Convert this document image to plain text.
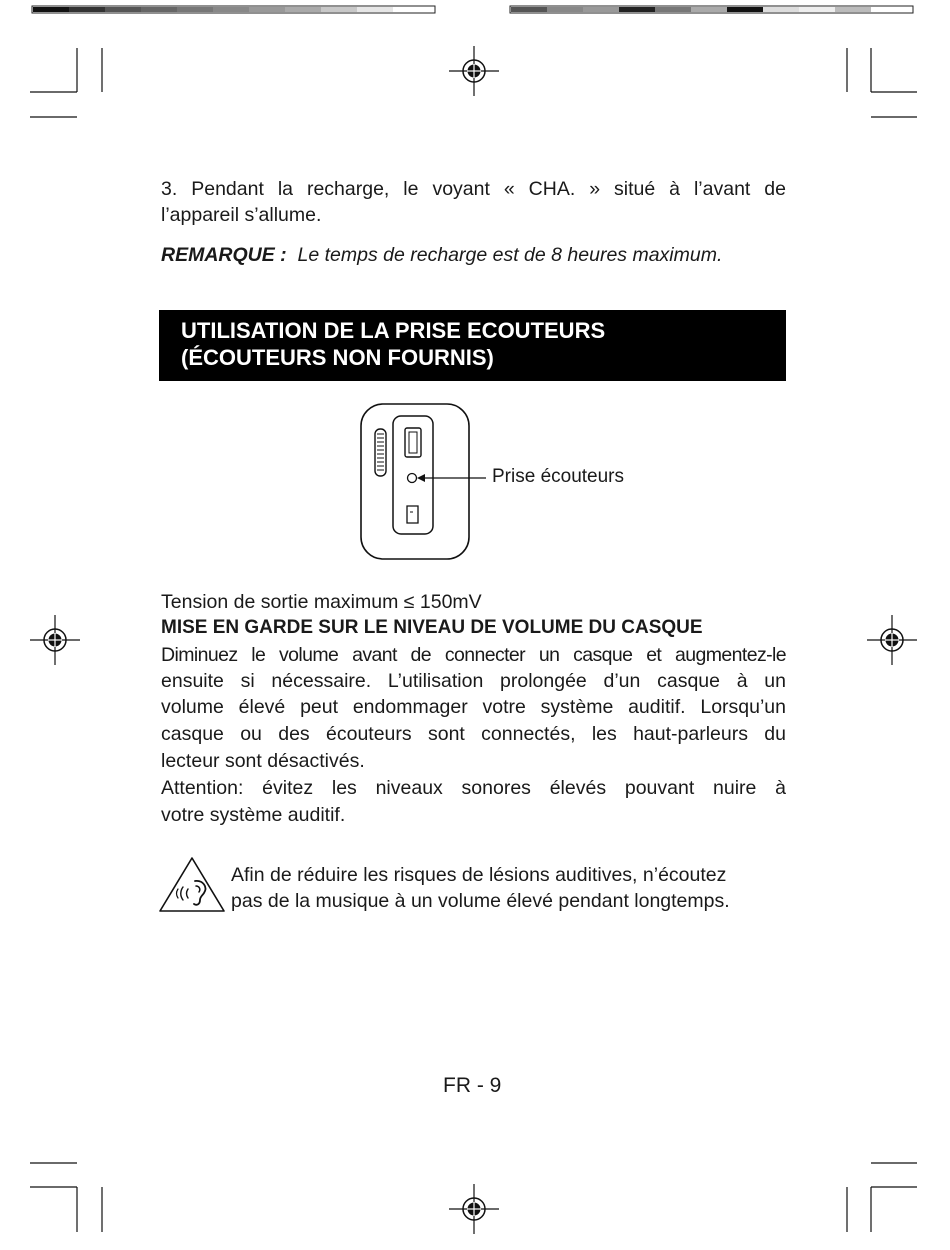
3. Pendant la recharge, le voyant « CHA. » situé à l’avant de
l’appareil s’allume.
REMARQUE : Le temps de recharge est de 8 heures maximum.
UTILISATION DE LA PRISE ECOUTEURS
(ÉCOUTEURS NON FOURNIS)
Prise écouteurs
Tension de sortie maximum ≤ 150mV
MISE EN GARDE SUR LE NIVEAU DE VOLUME DU CASQUE
Diminuez le volume avant de connecter un casque et augmentez-le
ensuite si nécessaire. L’utilisation prolongée d’un casque à un
volume élevé peut endommager votre système auditif. Lorsqu’un
casque ou des écouteurs sont connectés, les haut-parleurs du
lecteur sont désactivés.
Attention: évitez les niveaux sonores élevés pouvant nuire à
votre système auditif.
Afin de réduire les risques de lésions auditives, n’écoutez
pas de la musique à un volume élevé pendant longtemps.
FR - 9
